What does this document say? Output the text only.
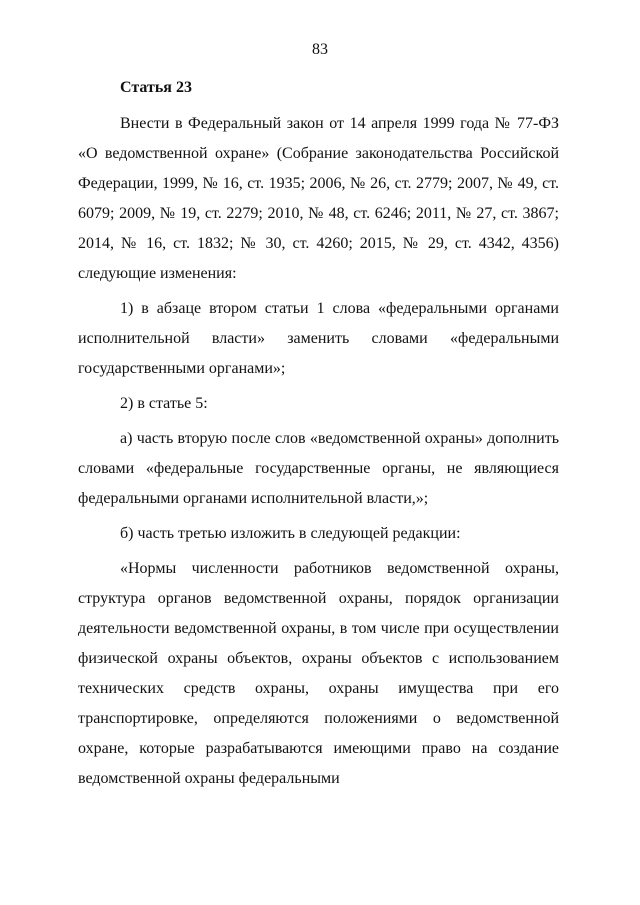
83
Статья 23

Внести в Федеральный закон от 14 апреля 1999 года № 77-ФЗ «О ведомственной охране» (Собрание законодательства Российской Федерации, 1999, № 16, ст. 1935; 2006, № 26, ст. 2779; 2007, № 49, ст. 6079; 2009, № 19, ст. 2279; 2010, № 48, ст. 6246; 2011, № 27, ст. 3867; 2014, № 16, ст. 1832; № 30, ст. 4260; 2015, № 29, ст. 4342, 4356) следующие изменения:

1) в абзаце втором статьи 1 слова «федеральными органами исполнительной власти» заменить словами «федеральными государственными органами»;

2) в статье 5:

а) часть вторую после слов «ведомственной охраны» дополнить словами «федеральные государственные органы, не являющиеся федеральными органами исполнительной власти,»;

б) часть третью изложить в следующей редакции:

«Нормы численности работников ведомственной охраны, структура органов ведомственной охраны, порядок организации деятельности ведомственной охраны, в том числе при осуществлении физической охраны объектов, охраны объектов с использованием технических средств охраны, охраны имущества при его транспортировке, определяются положениями о ведомственной охране, которые разрабатываются имеющими право на создание ведомственной охраны федеральными
